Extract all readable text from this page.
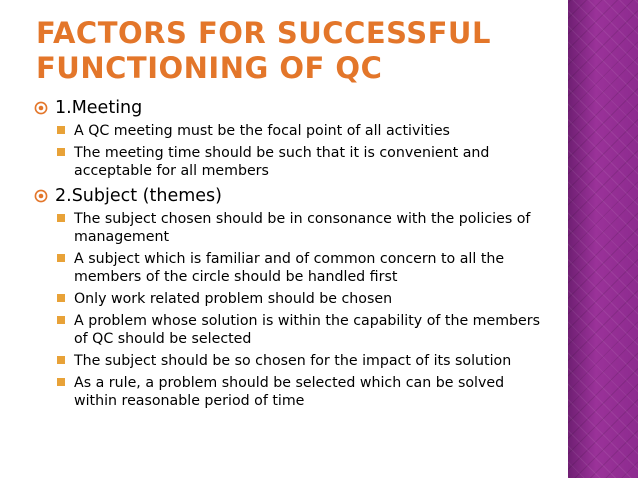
FACTORS FOR SUCCESSFUL
FUNCTIONING OF QC
1.Meeting
A QC meeting must be the focal point of all activities
The meeting time should be such that it is convenient and acceptable for all members
2.Subject (themes)
The subject chosen should be in consonance with the policies of management
A subject which is familiar and of common concern to all the members of the circle should be handled first
Only work related problem should be chosen
A problem whose solution is within the capability of the members of QC should be selected
The subject should be so chosen for the impact of its solution
As a rule, a problem should be selected which can be solved within reasonable period of time
